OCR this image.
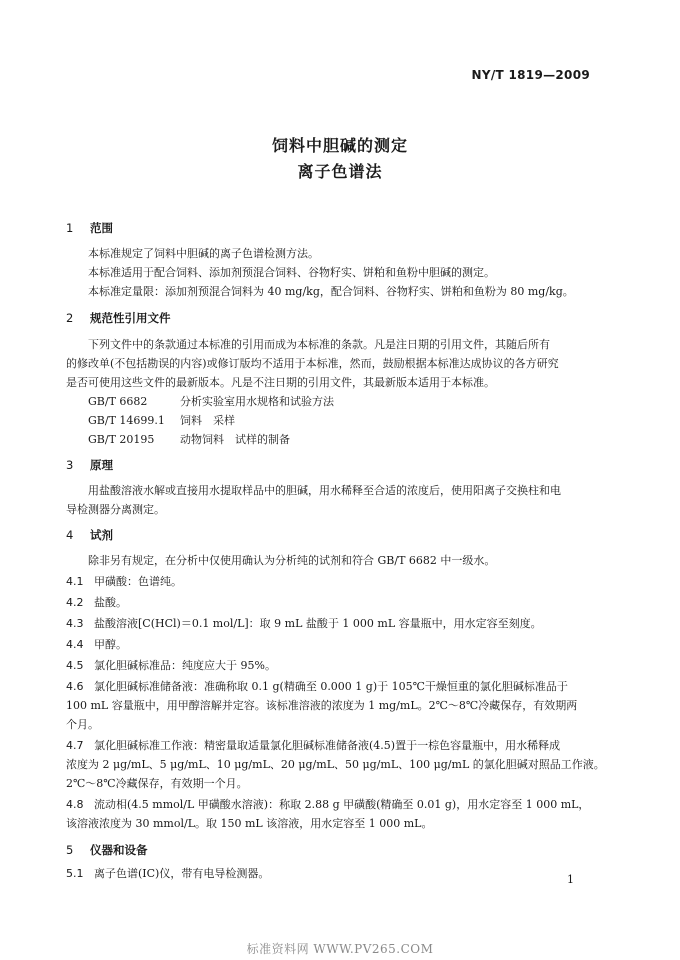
NY/T 1819—2009
饲料中胆碱的测定
离子色谱法
1 范围
本标准规定了饲料中胆碱的离子色谱检测方法。
本标准适用于配合饲料、添加剂预混合饲料、谷物籽实、饼粕和鱼粉中胆碱的测定。
本标准定量限：添加剂预混合饲料为 40 mg/kg，配合饲料、谷物籽实、饼粕和鱼粉为 80 mg/kg。
2 规范性引用文件
下列文件中的条款通过本标准的引用而成为本标准的条款。凡是注日期的引用文件，其随后所有
的修改单(不包括勘误的内容)或修订版均不适用于本标准，然而，鼓励根据本标准达成协议的各方研究
是否可使用这些文件的最新版本。凡是不注日期的引用文件，其最新版本适用于本标准。
GB/T 6682	分析实验室用水规格和试验方法
GB/T 14699.1 饲料　采样
GB/T 20195 动物饲料　试样的制备
3 原理
用盐酸溶液水解或直接用水提取样品中的胆碱，用水稀释至合适的浓度后，使用阳离子交换柱和电
导检测器分离测定。
4 试剂
除非另有规定，在分析中仅使用确认为分析纯的试剂和符合 GB/T 6682 中一级水。
4.1 甲磺酸：色谱纯。
4.2 盐酸。
4.3 盐酸溶液[C(HCl)＝0.1 mol/L]：取 9 mL 盐酸于 1 000 mL 容量瓶中，用水定容至刻度。
4.4 甲醇。
4.5 氯化胆碱标准品：纯度应大于 95%。
4.6 氯化胆碱标准储备液：准确称取 0.1 g(精确至 0.000 1 g)于 105℃干燥恒重的氯化胆碱标准品于
100 mL 容量瓶中，用甲醇溶解并定容。该标准溶液的浓度为 1 mg/mL。2℃～8℃冷藏保存，有效期两
个月。
4.7 氯化胆碱标准工作液：精密量取适量氯化胆碱标准储备液(4.5)置于一棕色容量瓶中，用水稀释成
浓度为 2 μg/mL、5 μg/mL、10 μg/mL、20 μg/mL、50 μg/mL、100 μg/mL 的氯化胆碱对照品工作液。
2℃～8℃冷藏保存，有效期一个月。
4.8 流动相(4.5 mmol/L 甲磺酸水溶液)：称取 2.88 g 甲磺酸(精确至 0.01 g)，用水定容至 1 000 mL，
该溶液浓度为 30 mmol/L。取 150 mL 该溶液，用水定容至 1 000 mL。
5 仪器和设备
5.1 离子色谱(IC)仪，带有电导检测器。	1
标准资料网 WWW.PV265.COM
